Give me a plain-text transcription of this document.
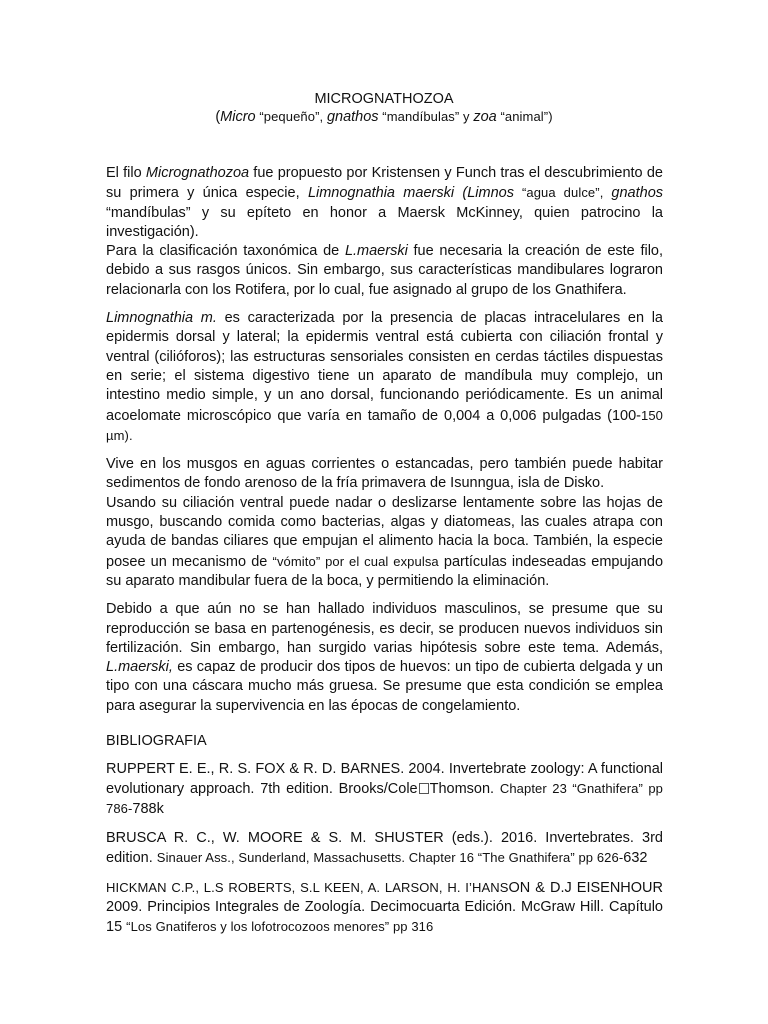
MICROGNATHOZOA
(Micro “pequeño”, gnathos “mandíbulas” y zoa “animal”)

El filo Micrognathozoa fue propuesto por Kristensen y Funch tras el descubrimiento de su primera y única especie, Limnognathia maerski (Limnos “agua dulce”, gnathos “mandíbulas” y su epíteto en honor a Maersk McKinney, quien patrocino la investigación).

Para la clasificación taxonómica de L.maerski fue necesaria la creación de este filo, debido a sus rasgos únicos. Sin embargo, sus características mandibulares lograron relacionarla con los Rotifera, por lo cual, fue asignado al grupo de los Gnathifera.

Limnognathia m. es caracterizada por la presencia de placas intracelulares en la epidermis dorsal y lateral; la epidermis ventral está cubierta con ciliación frontal y ventral (cilióforos); las estructuras sensoriales consisten en cerdas táctiles dispuestas en serie; el sistema digestivo tiene un aparato de mandíbula muy complejo, un intestino medio simple, y un ano dorsal, funcionando periódicamente. Es un animal acoelomate microscópico que varía en tamaño de 0,004 a 0,006 pulgadas (100-150 µm).

Vive en los musgos en aguas corrientes o estancadas, pero también puede habitar sedimentos de fondo arenoso de la fría primavera de Isunngua, isla de Disko.

Usando su ciliación ventral puede nadar o deslizarse lentamente sobre las hojas de musgo, buscando comida como bacterias, algas y diatomeas, las cuales atrapa con ayuda de bandas ciliares que empujan el alimento hacia la boca. También, la especie posee un mecanismo de “vómito” por el cual expulsa partículas indeseadas empujando su aparato mandibular fuera de la boca, y permitiendo la eliminación.

Debido a que aún no se han hallado individuos masculinos, se presume que su reproducción se basa en partenogénesis, es decir, se producen nuevos individuos sin fertilización. Sin embargo, han surgido varias hipótesis sobre este tema. Además, L.maerski, es capaz de producir dos tipos de huevos: un tipo de cubierta delgada y un tipo con una cáscara mucho más gruesa. Se presume que esta condición se emplea para asegurar la supervivencia en las épocas de congelamiento.

BIBLIOGRAFIA

RUPPERT E. E., R. S. FOX & R. D. BARNES. 2004. Invertebrate zoology: A functional evolutionary approach. 7th edition. Brooks/Cole Thomson. Chapter 23 “Gnathifera” pp 786-788k

BRUSCA R. C., W. MOORE & S. M. SHUSTER (eds.). 2016. Invertebrates. 3rd edition. Sinauer Ass., Sunderland, Massachusetts. Chapter 16 “The Gnathifera” pp 626-632

HICKMAN C.P., L.S ROBERTS, S.L KEEN, A. LARSON, H. I’HANSON & D.J EISENHOUR 2009. Principios Integrales de Zoología. Decimocuarta Edición. McGraw Hill. Capítulo 15 “Los Gnatiferos y los lofotrocozoos menores” pp 316
